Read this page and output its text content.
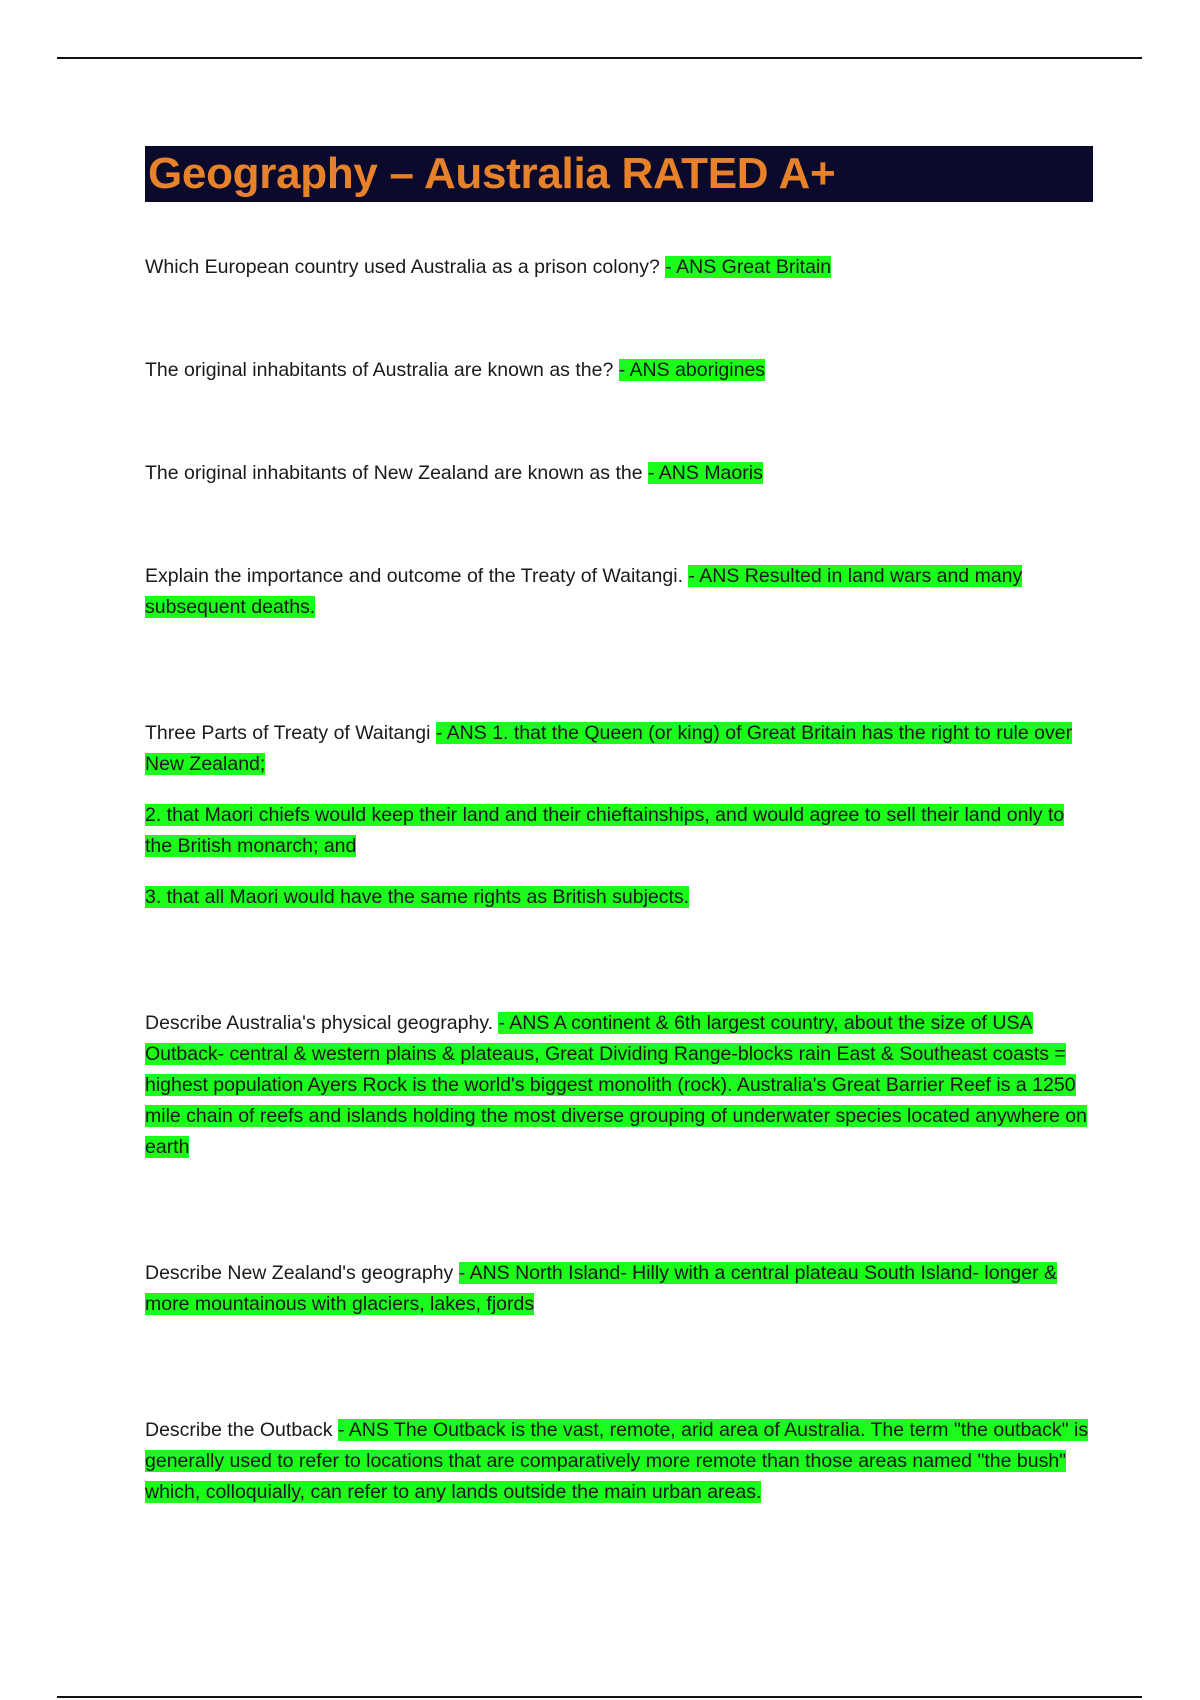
Geography – Australia RATED A+

Which European country used Australia as a prison colony? - ANS Great Britain

The original inhabitants of Australia are known as the? - ANS aborigines

The original inhabitants of New Zealand are known as the - ANS Maoris

Explain the importance and outcome of the Treaty of Waitangi. - ANS Resulted in land wars and many subsequent deaths.

Three Parts of Treaty of Waitangi - ANS 1. that the Queen (or king) of Great Britain has the right to rule over New Zealand;

2. that Maori chiefs would keep their land and their chieftainships, and would agree to sell their land only to the British monarch; and

3. that all Maori would have the same rights as British subjects.

Describe Australia's physical geography. - ANS A continent & 6th largest country, about the size of USA Outback- central & western plains & plateaus, Great Dividing Range-blocks rain East & Southeast coasts = highest population Ayers Rock is the world's biggest monolith (rock). Australia's Great Barrier Reef is a 1250 mile chain of reefs and islands holding the most diverse grouping of underwater species located anywhere on earth

Describe New Zealand's geography - ANS North Island- Hilly with a central plateau South Island- longer & more mountainous with glaciers, lakes, fjords

Describe the Outback - ANS The Outback is the vast, remote, arid area of Australia. The term "the outback" is generally used to refer to locations that are comparatively more remote than those areas named "the bush" which, colloquially, can refer to any lands outside the main urban areas.
